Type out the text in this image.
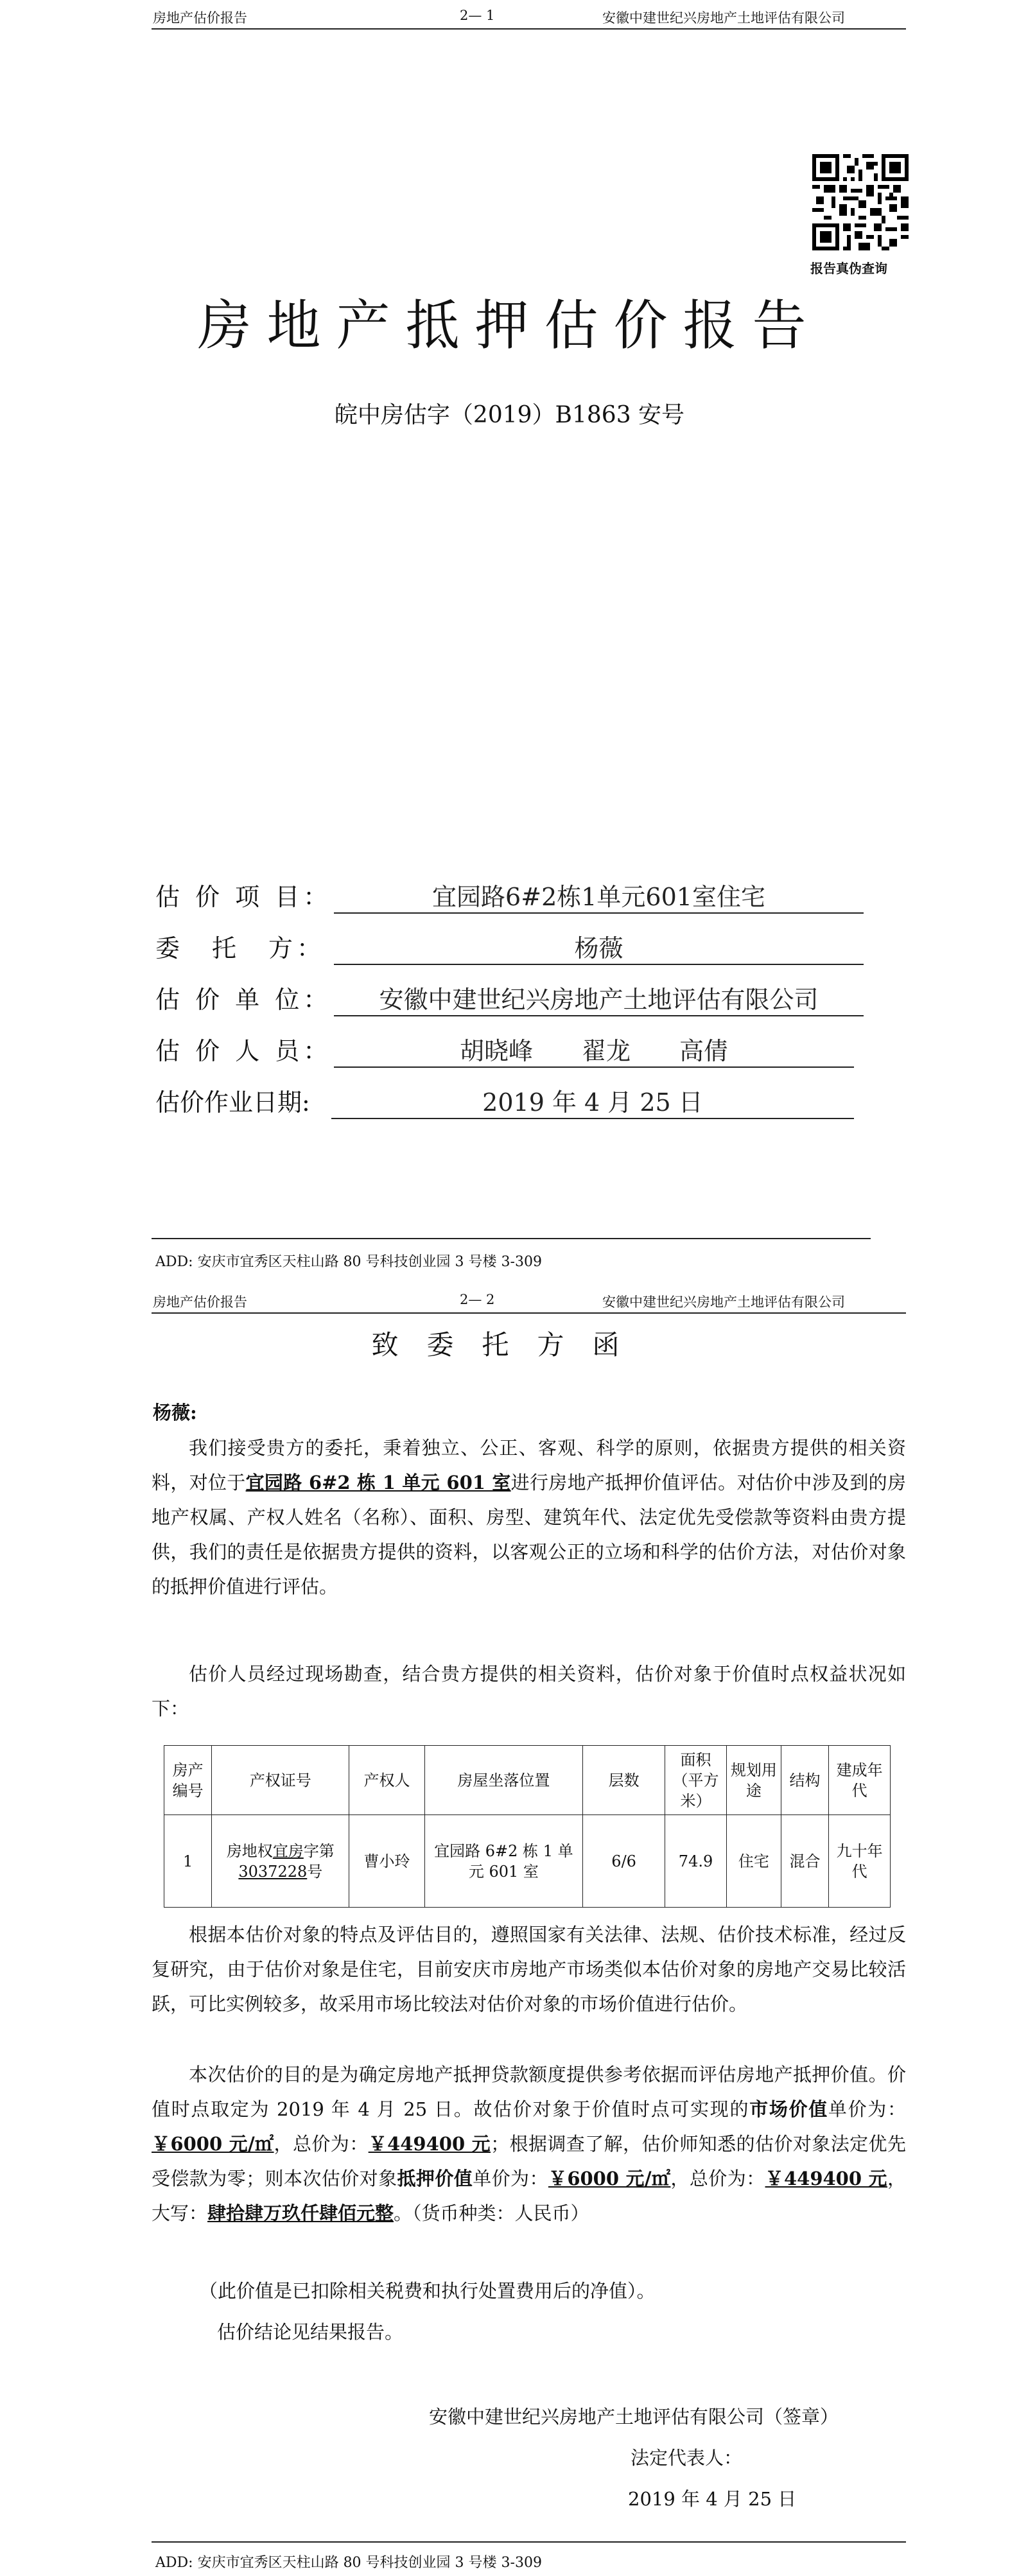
房地产估价报告	2— 1	安徽中建世纪兴房地产土地评估有限公司
报告真伪查询
房地产抵押估价报告
皖中房估字（2019）B1863 安号
估 价 项 目：	宜园路6#2栋1单元601室住宅
委　托　方：	杨薇
估 价 单 位：	安徽中建世纪兴房地产土地评估有限公司
估 价 人 员：	胡晓峰　　翟龙　　高倩
估价作业日期:	2019 年 4 月 25 日
ADD: 安庆市宜秀区天柱山路 80 号科技创业园 3 号楼 3-309
房地产估价报告	2— 2	安徽中建世纪兴房地产土地评估有限公司
致委托方函
杨薇:
我们接受贵方的委托，秉着独立、公正、客观、科学的原则，依据贵方提供的相关资料，对位于宜园路 6#2 栋 1 单元 601 室进行房地产抵押价值评估。对估价中涉及到的房地产权属、产权人姓名（名称）、面积、房型、建筑年代、法定优先受偿款等资料由贵方提供，我们的责任是依据贵方提供的资料，以客观公正的立场和科学的估价方法，对估价对象的抵押价值进行评估。
估价人员经过现场勘查，结合贵方提供的相关资料，估价对象于价值时点权益状况如下：
房产编号	产权证号	产权人	房屋坐落位置	层数	面积（平方米）	规划用途	结构	建成年代
1	房地权宜房字第3037228号	曹小玲	宜园路 6#2 栋 1 单元 601 室	6/6	74.9	住宅	混合	九十年代
根据本估价对象的特点及评估目的，遵照国家有关法律、法规、估价技术标准，经过反复研究，由于估价对象是住宅，目前安庆市房地产市场类似本估价对象的房地产交易比较活跃，可比实例较多，故采用市场比较法对估价对象的市场价值进行估价。
本次估价的目的是为确定房地产抵押贷款额度提供参考依据而评估房地产抵押价值。价值时点取定为 2019 年 4 月 25 日。故估价对象于价值时点可实现的市场价值单价为：￥6000 元/㎡，总价为：￥449400 元；根据调查了解，估价师知悉的估价对象法定优先受偿款为零；则本次估价对象抵押价值单价为：￥6000 元/㎡，总价为：￥449400 元，大写：肆拾肆万玖仟肆佰元整。（货币种类：人民币）
（此价值是已扣除相关税费和执行处置费用后的净值）。
估价结论见结果报告。
安徽中建世纪兴房地产土地评估有限公司（签章）
法定代表人：
2019 年 4 月 25 日
ADD: 安庆市宜秀区天柱山路 80 号科技创业园 3 号楼 3-309
